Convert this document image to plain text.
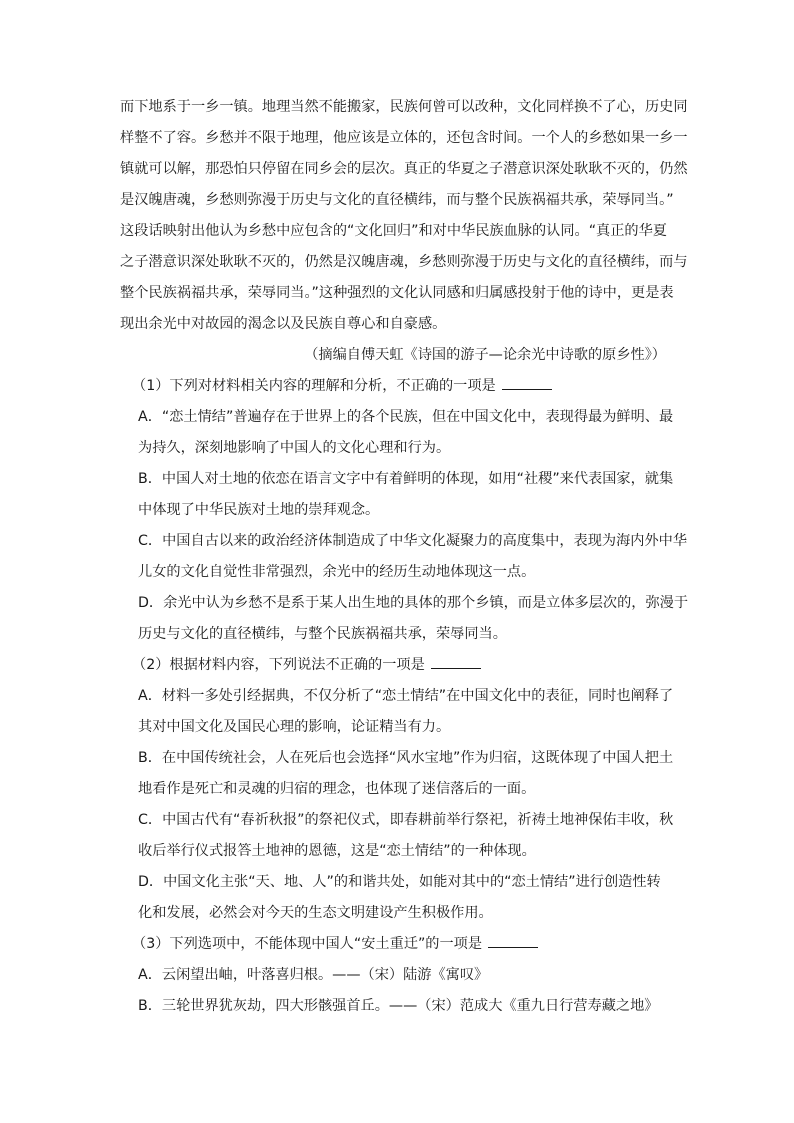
而下地系于一乡一镇。地理当然不能搬家，民族何曾可以改种，文化同样换不了心，历史同
样整不了容。乡愁并不限于地理，他应该是立体的，还包含时间。一个人的乡愁如果一乡一
镇就可以解，那恐怕只停留在同乡会的层次。真正的华夏之子潜意识深处耿耿不灭的，仍然
是汉魄唐魂，乡愁则弥漫于历史与文化的直径横纬，而与整个民族祸福共承，荣辱同当。”
这段话映射出他认为乡愁中应包含的“文化回归”和对中华民族血脉的认同。“真正的华夏
之子潜意识深处耿耿不灭的，仍然是汉魄唐魂，乡愁则弥漫于历史与文化的直径横纬，而与
整个民族祸福共承，荣辱同当。”这种强烈的文化认同感和归属感投射于他的诗中，更是表
现出余光中对故园的渴念以及民族自尊心和自豪感。
（摘编自傅天虹《诗国的游子—论余光中诗歌的原乡性》）
（1）下列对材料相关内容的理解和分析，不正确的一项是
A．“恋土情结”普遍存在于世界上的各个民族，但在中国文化中，表现得最为鲜明、最
为持久，深刻地影响了中国人的文化心理和行为。
B．中国人对土地的依恋在语言文字中有着鲜明的体现，如用“社稷”来代表国家，就集
中体现了中华民族对土地的崇拜观念。
C．中国自古以来的政治经济体制造成了中华文化凝聚力的高度集中，表现为海内外中华
儿女的文化自觉性非常强烈，余光中的经历生动地体现这一点。
D．余光中认为乡愁不是系于某人出生地的具体的那个乡镇，而是立体多层次的，弥漫于
历史与文化的直径横纬，与整个民族祸福共承，荣辱同当。
（2）根据材料内容，下列说法不正确的一项是
A．材料一多处引经据典，不仅分析了“恋土情结”在中国文化中的表征，同时也阐释了
其对中国文化及国民心理的影响，论证精当有力。
B．在中国传统社会，人在死后也会选择“风水宝地”作为归宿，这既体现了中国人把土
地看作是死亡和灵魂的归宿的理念，也体现了迷信落后的一面。
C．中国古代有“春祈秋报”的祭祀仪式，即春耕前举行祭祀，祈祷土地神保佑丰收，秋
收后举行仪式报答土地神的恩德，这是“恋土情结”的一种体现。
D．中国文化主张“天、地、人”的和谐共处，如能对其中的“恋土情结”进行创造性转
化和发展，必然会对今天的生态文明建设产生积极作用。
（3）下列选项中，不能体现中国人“安土重迁”的一项是
A．云闲望出岫，叶落喜归根。——（宋）陆游《寓叹》
B．三轮世界犹灰劫，四大形骸强首丘。——（宋）范成大《重九日行营寿藏之地》
